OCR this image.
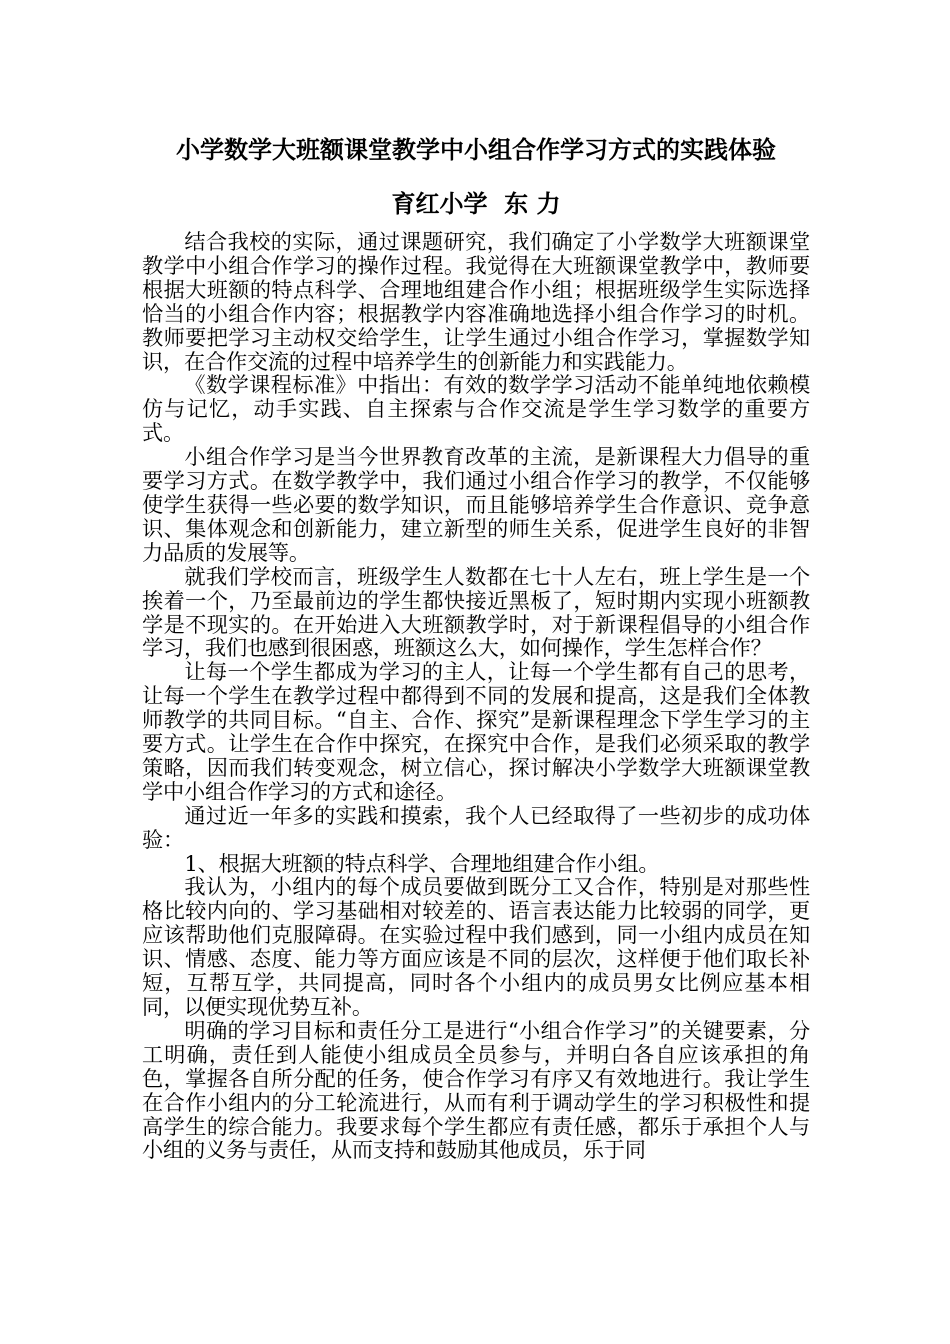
小学数学大班额课堂教学中小组合作学习方式的实践体验
育红小学  东 力

结合我校的实际，通过课题研究，我们确定了小学数学大班额课堂教学中小组合作学习的操作过程。我觉得在大班额课堂教学中，教师要根据大班额的特点科学、合理地组建合作小组；根据班级学生实际选择恰当的小组合作内容；根据教学内容准确地选择小组合作学习的时机。教师要把学习主动权交给学生，让学生通过小组合作学习，掌握数学知识，在合作交流的过程中培养学生的创新能力和实践能力。

《数学课程标准》中指出：有效的数学学习活动不能单纯地依赖模仿与记忆，动手实践、自主探索与合作交流是学生学习数学的重要方式。

小组合作学习是当今世界教育改革的主流，是新课程大力倡导的重要学习方式。在数学教学中，我们通过小组合作学习的教学，不仅能够使学生获得一些必要的数学知识，而且能够培养学生合作意识、竞争意识、集体观念和创新能力，建立新型的师生关系，促进学生良好的非智力品质的发展等。

就我们学校而言，班级学生人数都在七十人左右，班上学生是一个挨着一个，乃至最前边的学生都快接近黑板了，短时期内实现小班额教学是不现实的。在开始进入大班额教学时，对于新课程倡导的小组合作学习，我们也感到很困惑，班额这么大，如何操作，学生怎样合作？

让每一个学生都成为学习的主人，让每一个学生都有自己的思考，让每一个学生在教学过程中都得到不同的发展和提高，这是我们全体教师教学的共同目标。“自主、合作、探究”是新课程理念下学生学习的主要方式。让学生在合作中探究，在探究中合作，是我们必须采取的教学策略，因而我们转变观念，树立信心，探讨解决小学数学大班额课堂教学中小组合作学习的方式和途径。

通过近一年多的实践和摸索，我个人已经取得了一些初步的成功体验：

1、根据大班额的特点科学、合理地组建合作小组。

我认为，小组内的每个成员要做到既分工又合作，特别是对那些性格比较内向的、学习基础相对较差的、语言表达能力比较弱的同学，更应该帮助他们克服障碍。在实验过程中我们感到，同一小组内成员在知识、情感、态度、能力等方面应该是不同的层次，这样便于他们取长补短，互帮互学，共同提高，同时各个小组内的成员男女比例应基本相同，以便实现优势互补。

明确的学习目标和责任分工是进行“小组合作学习”的关键要素，分工明确，责任到人能使小组成员全员参与，并明白各自应该承担的角色，掌握各自所分配的任务，使合作学习有序又有效地进行。我让学生在合作小组内的分工轮流进行，从而有利于调动学生的学习积极性和提高学生的综合能力。我要求每个学生都应有责任感，都乐于承担个人与小组的义务与责任，从而支持和鼓励其他成员，乐于同
